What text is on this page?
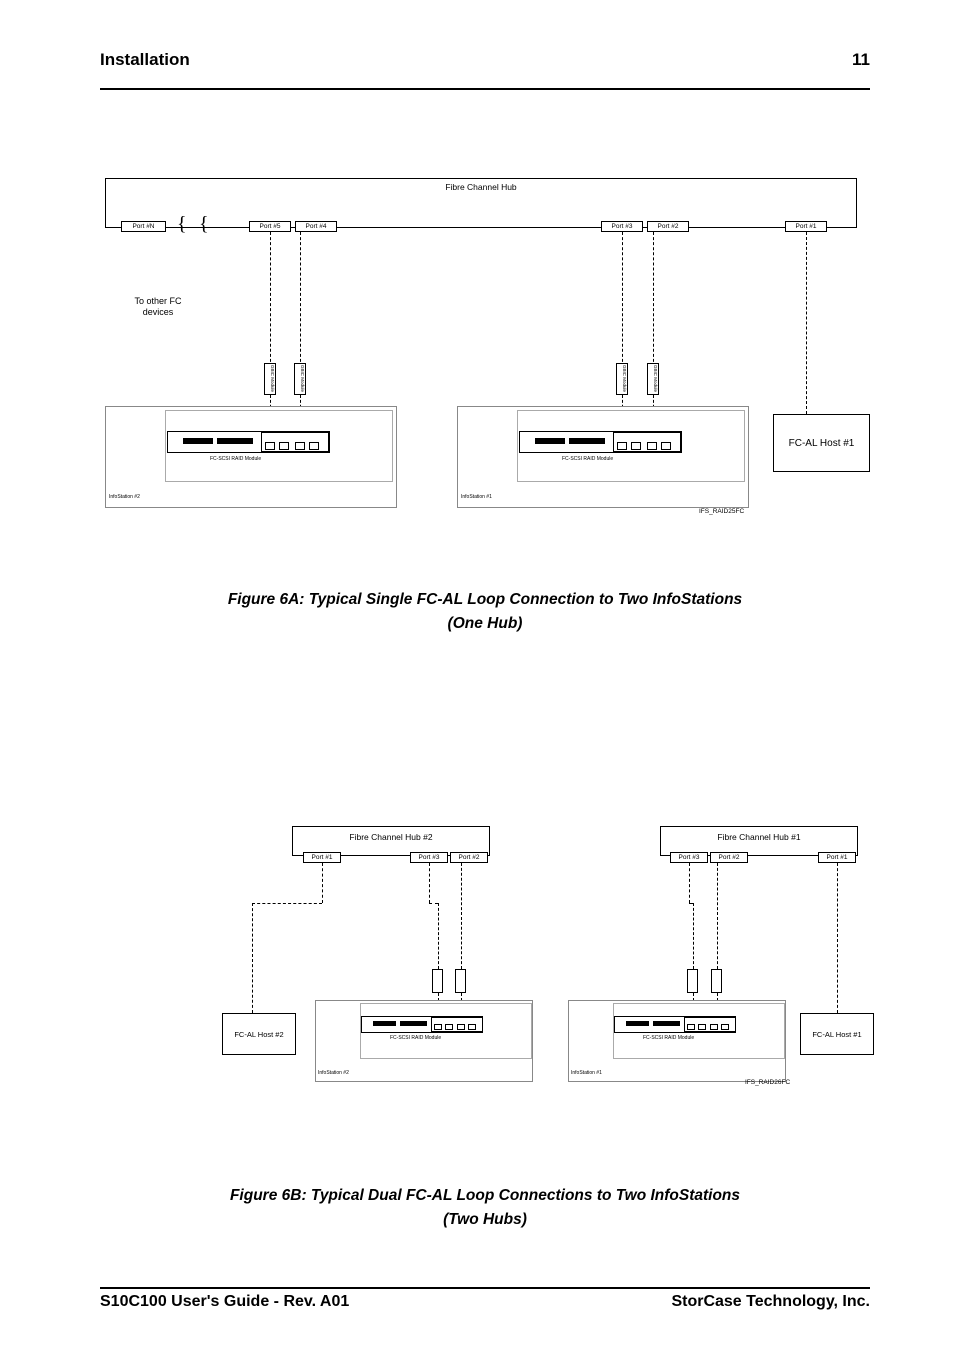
Installation	11
Fibre Channel Hub
Port #N	Port #5	Port #4	Port #3	Port #2	Port #1
{ {
To other FC
devices
GBIC Module	GBIC Module	GBIC Module	GBIC Module
FC-SCSI RAID Module
InfoStation #2
FC-SCSI RAID Module
InfoStation #1
FC-AL Host #1
IFS_RAID25FC
Figure 6A: Typical Single FC-AL Loop Connection to Two InfoStations
(One Hub)
Fibre Channel Hub #2
Port #1	Port #3	Port #2
Fibre Channel Hub #1
Port #3	Port #2	Port #1
FC-SCSI RAID Module
InfoStation #2
FC-SCSI RAID Module
InfoStation #1
FC-AL Host #2	FC-AL Host #1
IFS_RAID26FC
Figure 6B: Typical Dual FC-AL Loop Connections to Two InfoStations
(Two Hubs)
S10C100 User's Guide - Rev. A01	StorCase Technology, Inc.
